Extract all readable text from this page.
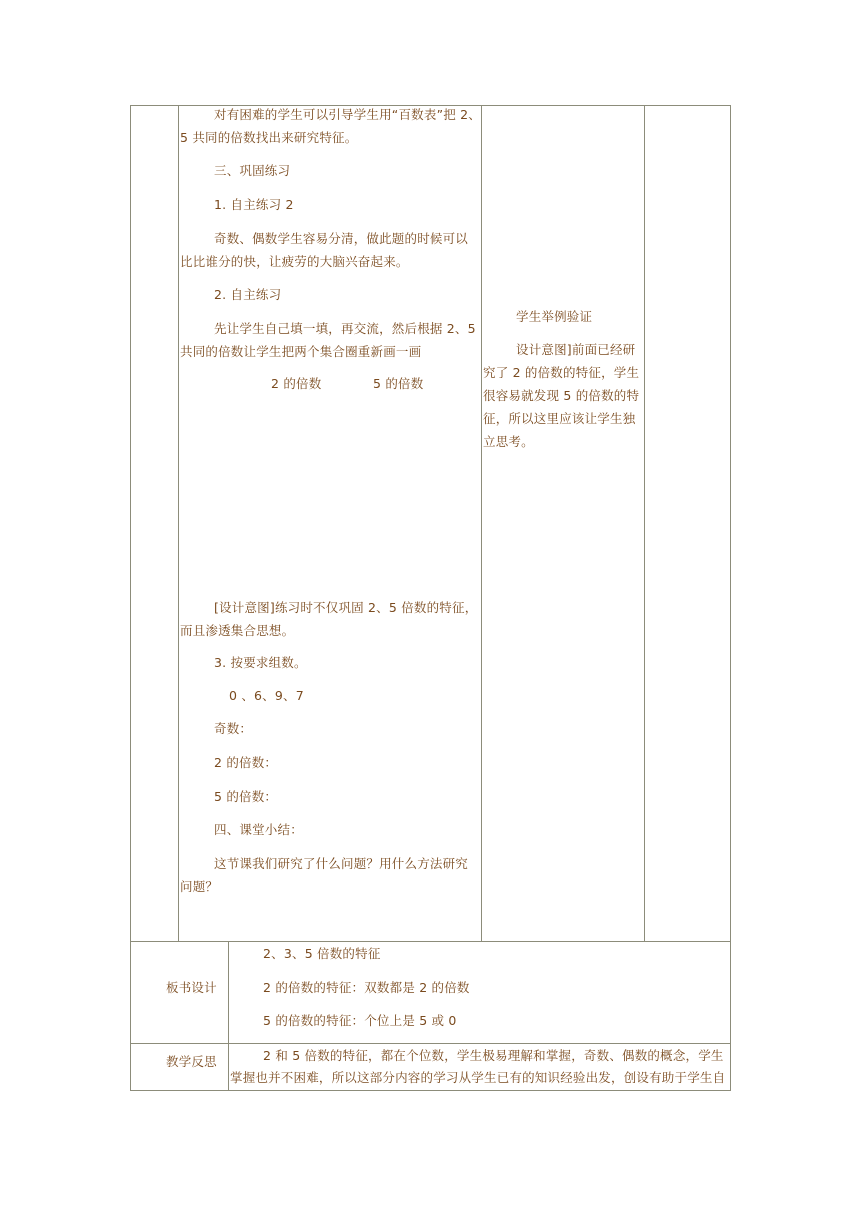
对有困难的学生可以引导学生用“百数表”把 2、
5 共同的倍数找出来研究特征。
三、巩固练习
1. 自主练习 2
奇数、偶数学生容易分清，做此题的时候可以
比比谁分的快，让疲劳的大脑兴奋起来。
2. 自主练习
先让学生自己填一填，再交流，然后根据 2、5
共同的倍数让学生把两个集合圈重新画一画
2 的倍数	5 的倍数
[设计意图]练习时不仅巩固 2、5 倍数的特征，
而且渗透集合思想。
3. 按要求组数。
0 、6、9、7
奇数：
2 的倍数：
5 的倍数：
四、课堂小结：
这节课我们研究了什么问题？用什么方法研究
问题？
学生举例验证
设计意图]前面已经研
究了 2 的倍数的特征，学生
很容易就发现 5 的倍数的特
征，所以这里应该让学生独
立思考。
板书设计
2、3、5 倍数的特征
2 的倍数的特征：双数都是 2 的倍数
5 的倍数的特征：个位上是 5 或 0
教学反思	2 和 5 倍数的特征，都在个位数，学生极易理解和掌握，奇数、偶数的概念，学生
掌握也并不困难，所以这部分内容的学习从学生已有的知识经验出发，创设有助于学生自
